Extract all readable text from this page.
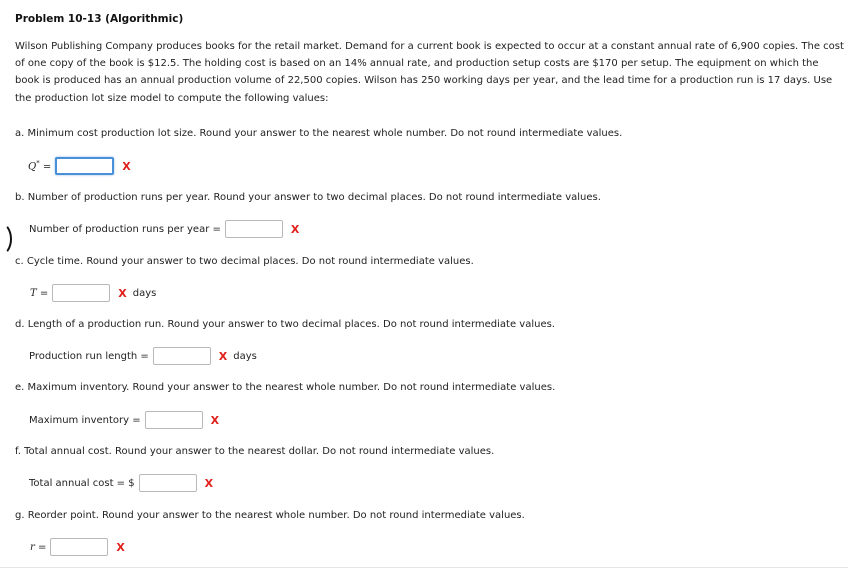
Problem 10-13 (Algorithmic)
Wilson Publishing Company produces books for the retail market. Demand for a current book is expected to occur at a constant annual rate of 6,900 copies. The cost of one copy of the book is $12.5. The holding cost is based on an 14% annual rate, and production setup costs are $170 per setup. The equipment on which the book is produced has an annual production volume of 22,500 copies. Wilson has 250 working days per year, and the lead time for a production run is 17 days. Use the production lot size model to compute the following values:
a. Minimum cost production lot size. Round your answer to the nearest whole number. Do not round intermediate values.
Q* =	X
b. Number of production runs per year. Round your answer to two decimal places. Do not round intermediate values.
Number of production runs per year =	X
c. Cycle time. Round your answer to two decimal places. Do not round intermediate values.
T =	X days
d. Length of a production run. Round your answer to two decimal places. Do not round intermediate values.
Production run length =	X days
e. Maximum inventory. Round your answer to the nearest whole number. Do not round intermediate values.
Maximum inventory =	X
f. Total annual cost. Round your answer to the nearest dollar. Do not round intermediate values.
Total annual cost = $	X
g. Reorder point. Round your answer to the nearest whole number. Do not round intermediate values.
r =	X
